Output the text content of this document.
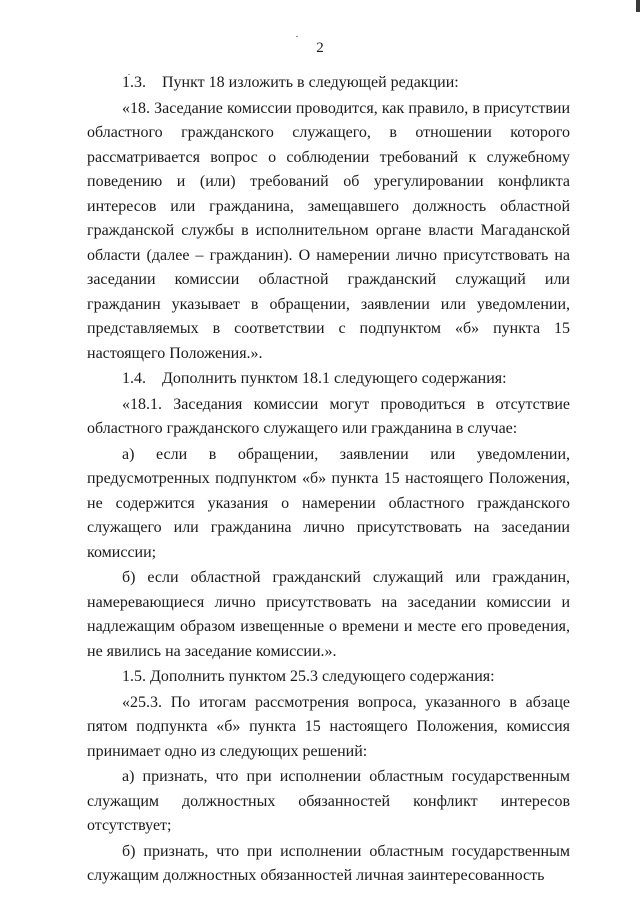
2

1.3.    Пункт 18 изложить в следующей редакции:

«18. Заседание комиссии проводится, как правило, в присутствии областного гражданского служащего, в отношении которого рассматривается вопрос о соблюдении требований к служебному поведению и (или) требований об урегулировании конфликта интересов или гражданина, замещавшего должность областной гражданской службы в исполнительном органе власти Магаданской области (далее – гражданин). О намерении лично присутствовать на заседании комиссии областной гражданский служащий или гражданин указывает в обращении, заявлении или уведомлении, представляемых в соответствии с подпунктом «б» пункта 15 настоящего Положения.».

1.4.    Дополнить пунктом 18.1 следующего содержания:

«18.1. Заседания комиссии могут проводиться в отсутствие областного гражданского служащего или гражданина в случае:

а) если в обращении, заявлении или уведомлении, предусмотренных подпунктом «б» пункта 15 настоящего Положения, не содержится указания о намерении областного гражданского служащего или гражданина лично присутствовать на заседании комиссии;

б) если областной гражданский служащий или гражданин, намеревающиеся лично присутствовать на заседании комиссии и надлежащим образом извещенные о времени и месте его проведения, не явились на заседание комиссии.».

1.5. Дополнить пунктом 25.3 следующего содержания:

«25.3. По итогам рассмотрения вопроса, указанного в абзаце пятом подпункта «б» пункта 15 настоящего Положения, комиссия принимает одно из следующих решений:

а) признать, что при исполнении областным государственным служащим должностных обязанностей конфликт интересов отсутствует;

б) признать, что при исполнении областным государственным служащим должностных обязанностей личная заинтересованность
